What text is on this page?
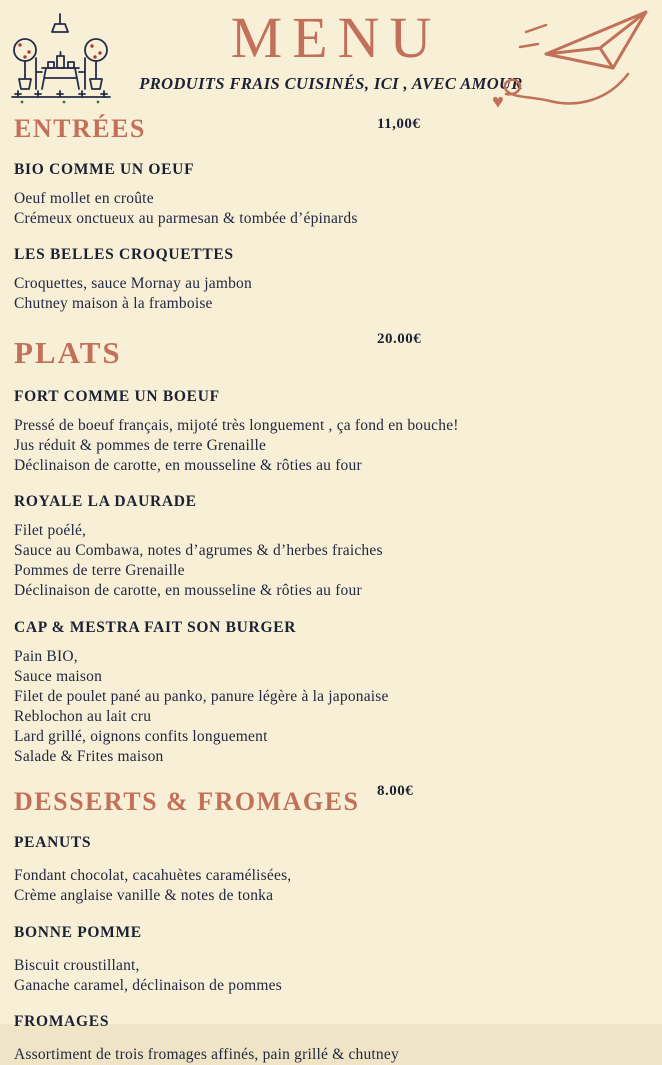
MENU

PRODUITS FRAIS CUISINÉS, ICI , AVEC AMOUR

♥
ENTRÉES	11,00€
BIO COMME UN OEUF

Oeuf mollet en croûte

Crémeux onctueux au parmesan & tombée d’épinards

LES BELLES CROQUETTES

Croquettes, sauce Mornay au jambon

Chutney maison à la framboise

PLATS	20.00€
FORT COMME UN BOEUF

Pressé de boeuf français, mijoté très longuement , ça fond en bouche!

Jus réduit & pommes de terre Grenaille

Déclinaison de carotte, en mousseline & rôties au four

ROYALE LA DAURADE

Filet poélé,

Sauce au Combawa, notes d’agrumes & d’herbes fraiches

Pommes de terre Grenaille

Déclinaison de carotte, en mousseline & rôties au four

CAP & MESTRA FAIT SON BURGER

Pain BIO,

Sauce maison

Filet de poulet pané au panko, panure légère à la japonaise

Reblochon au lait cru

Lard grillé, oignons confits longuement

Salade & Frites maison

DESSERTS & FROMAGES	8.00€
PEANUTS

Fondant chocolat, cacahuètes caramélisées,

Crème anglaise vanille & notes de tonka

BONNE POMME

Biscuit croustillant,

Ganache caramel, déclinaison de pommes

FROMAGES

Assortiment de trois fromages affinés, pain grillé & chutney
